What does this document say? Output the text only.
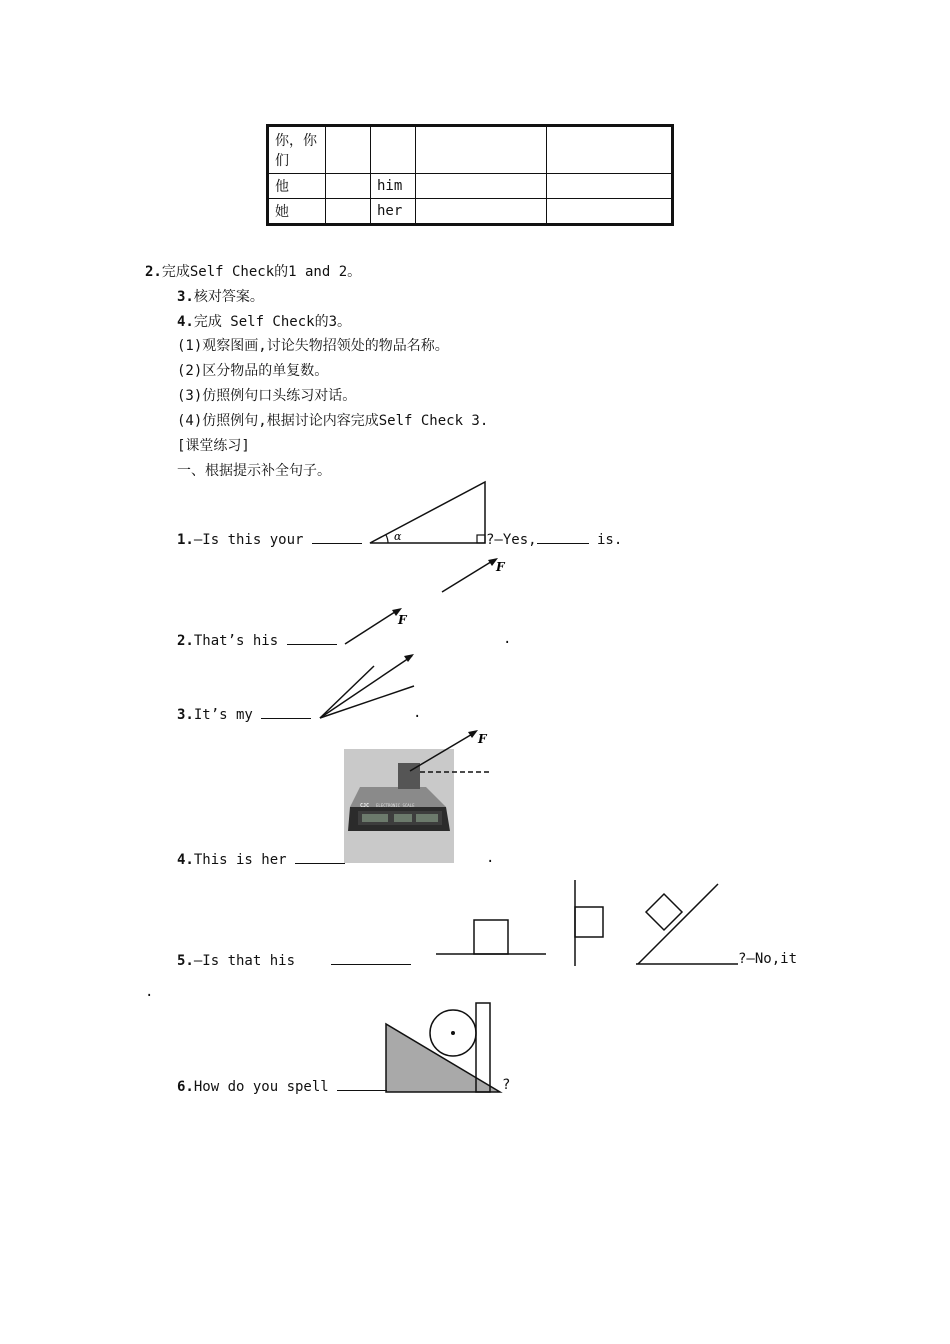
你，你们				
他		him		
她		her		
2.完成Self Check的1 and 2。
3.核对答案。
4.完成 Self Check的3。
(1)观察图画,讨论失物招领处的物品名称。
(2)区分物品的单复数。
(3)仿照例句口头练习对话。
(4)仿照例句,根据讨论内容完成Self Check 3.
[课堂练习]
一、根据提示补全句子。
1.—Is this your	α	?—Yes,	is.
F
2.That’s his
F
.
3.It’s my	.
CJC ELECTRONIC SCALE
F
4.This is her	.
5.—Is that his	?—No,it
.
6.How do you spell	?
